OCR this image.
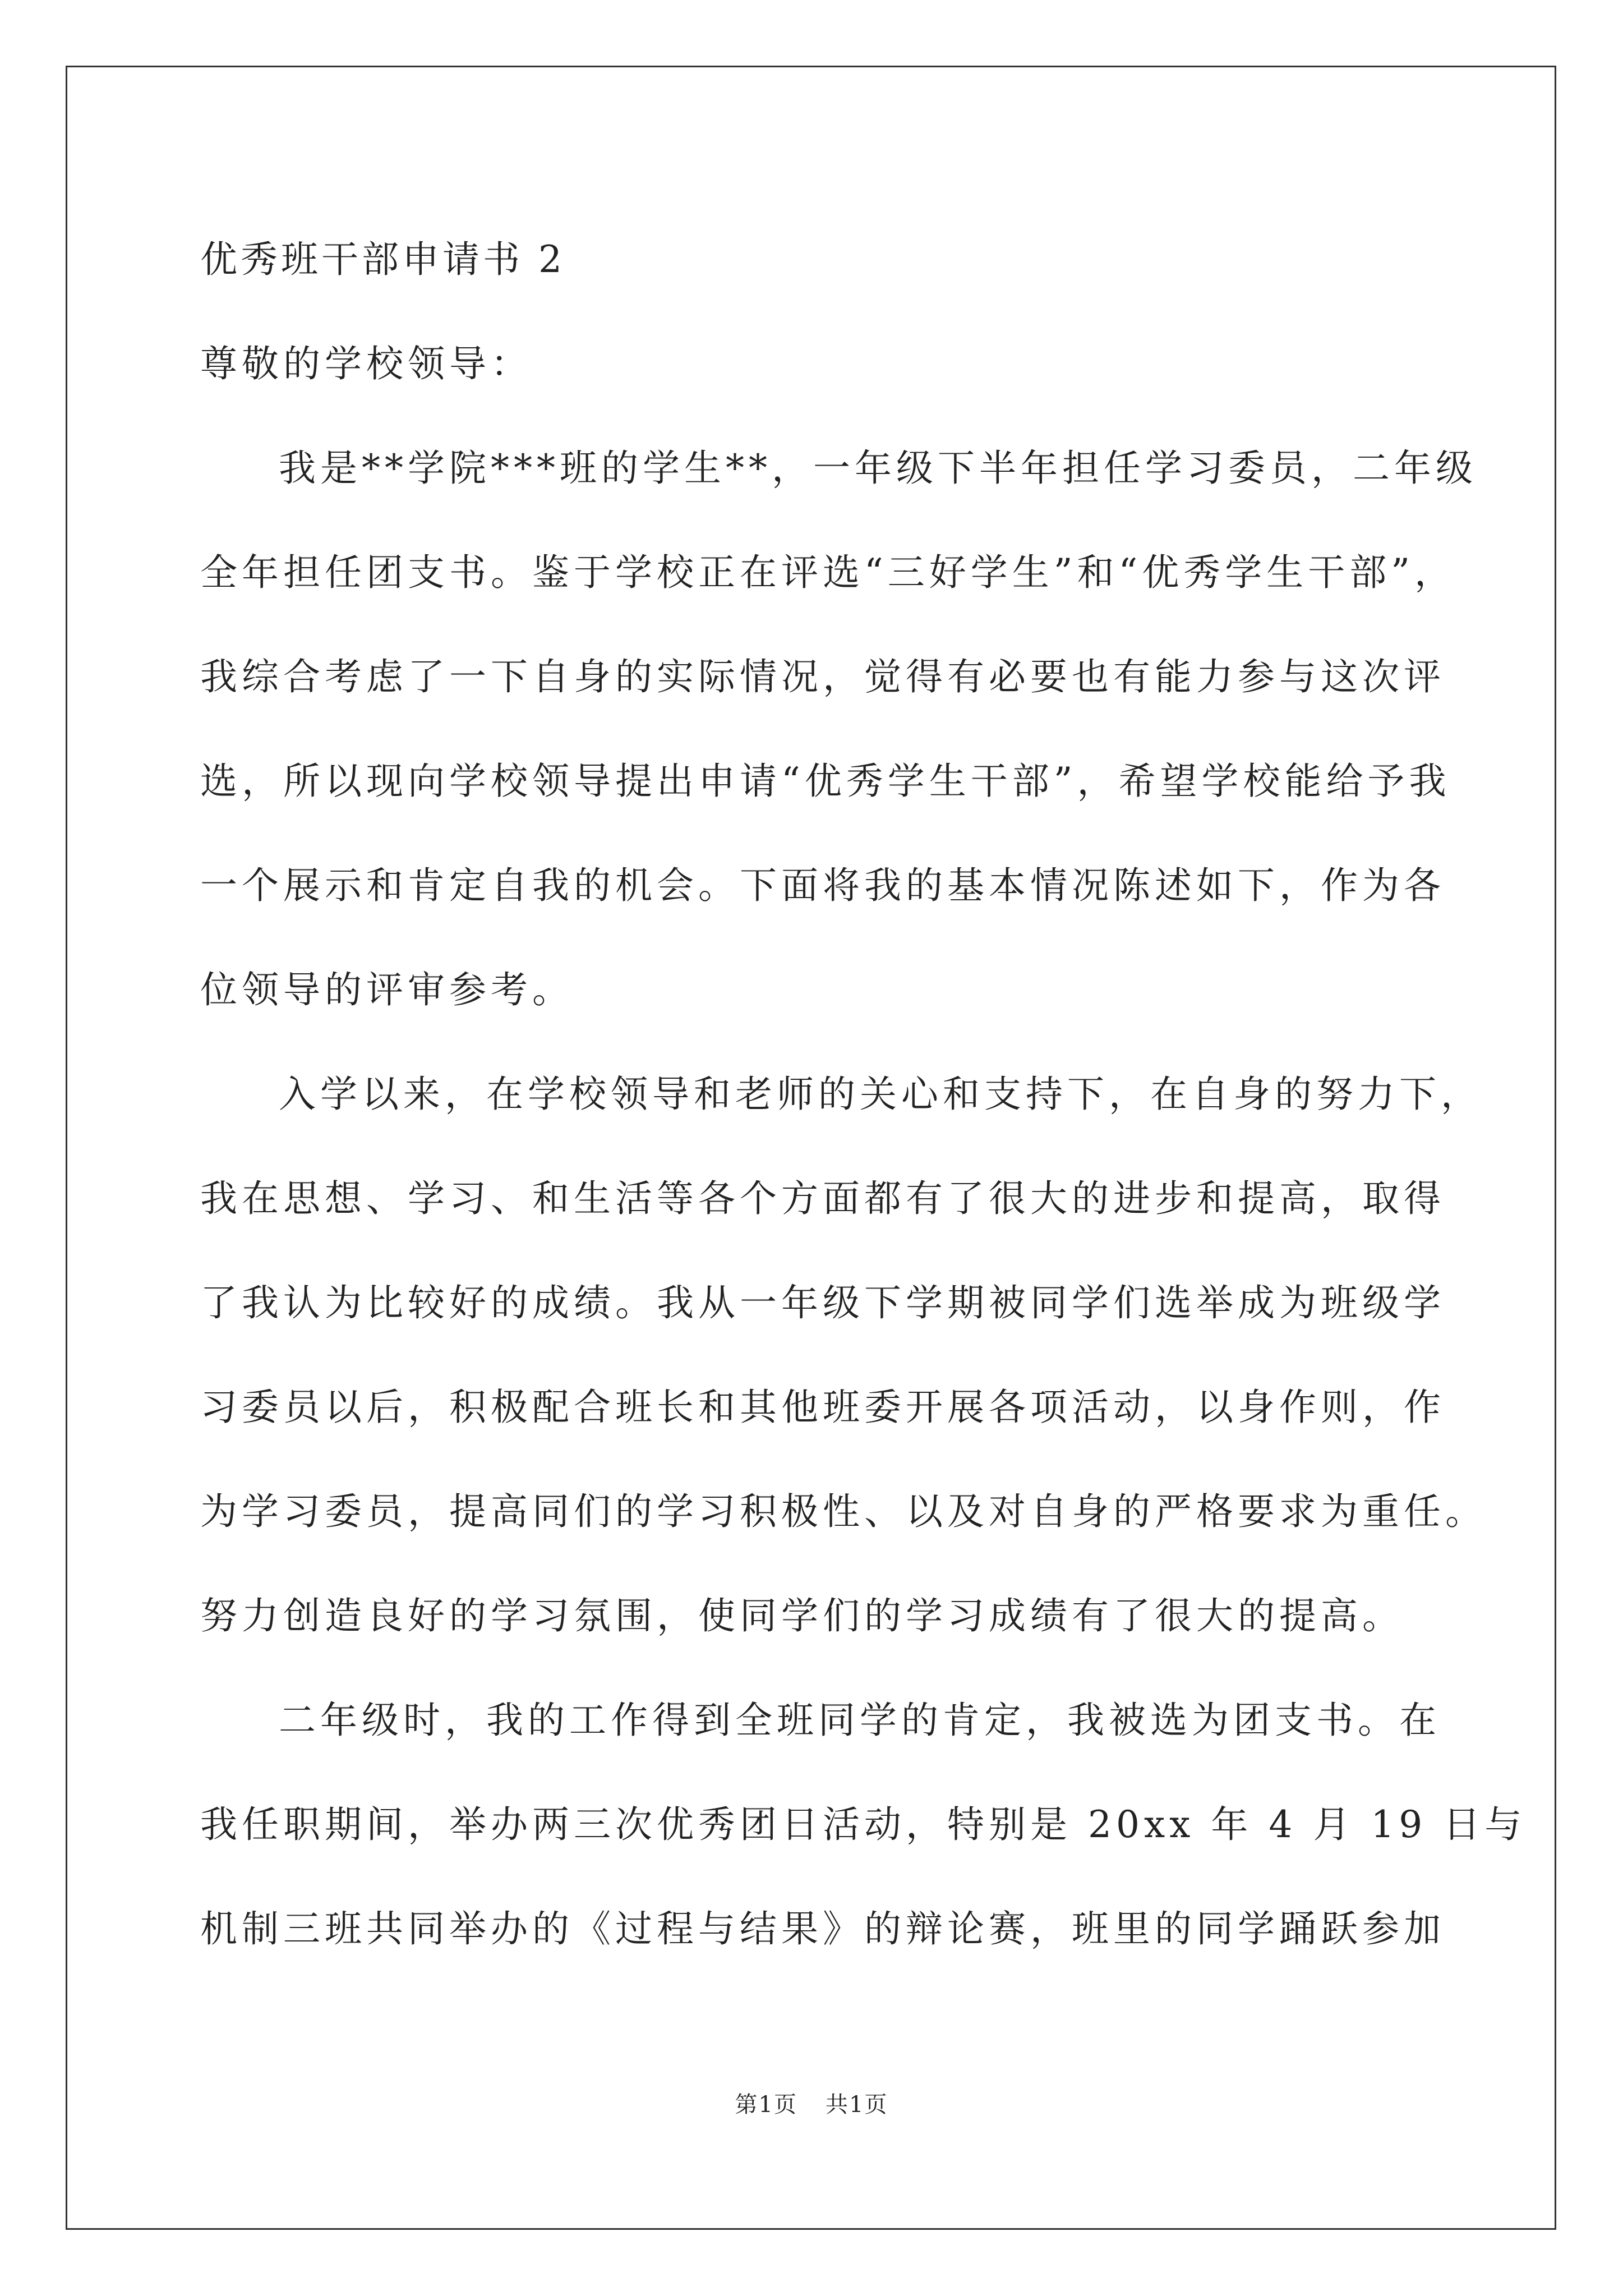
优秀班干部申请书 2
尊敬的学校领导：
我是**学院***班的学生**，一年级下半年担任学习委员，二年级
全年担任团支书。鉴于学校正在评选“三好学生”和“优秀学生干部”，
我综合考虑了一下自身的实际情况，觉得有必要也有能力参与这次评
选，所以现向学校领导提出申请“优秀学生干部”，希望学校能给予我
一个展示和肯定自我的机会。下面将我的基本情况陈述如下，作为各
位领导的评审参考。
入学以来，在学校领导和老师的关心和支持下，在自身的努力下，
我在思想、学习、和生活等各个方面都有了很大的进步和提高，取得
了我认为比较好的成绩。我从一年级下学期被同学们选举成为班级学
习委员以后，积极配合班长和其他班委开展各项活动，以身作则，作
为学习委员，提高同们的学习积极性、以及对自身的严格要求为重任。
努力创造良好的学习氛围，使同学们的学习成绩有了很大的提高。
二年级时，我的工作得到全班同学的肯定，我被选为团支书。在
我任职期间，举办两三次优秀团日活动，特别是 20xx 年 4 月 19 日与
机制三班共同举办的《过程与结果》的辩论赛，班里的同学踊跃参加
第1页 共1页
